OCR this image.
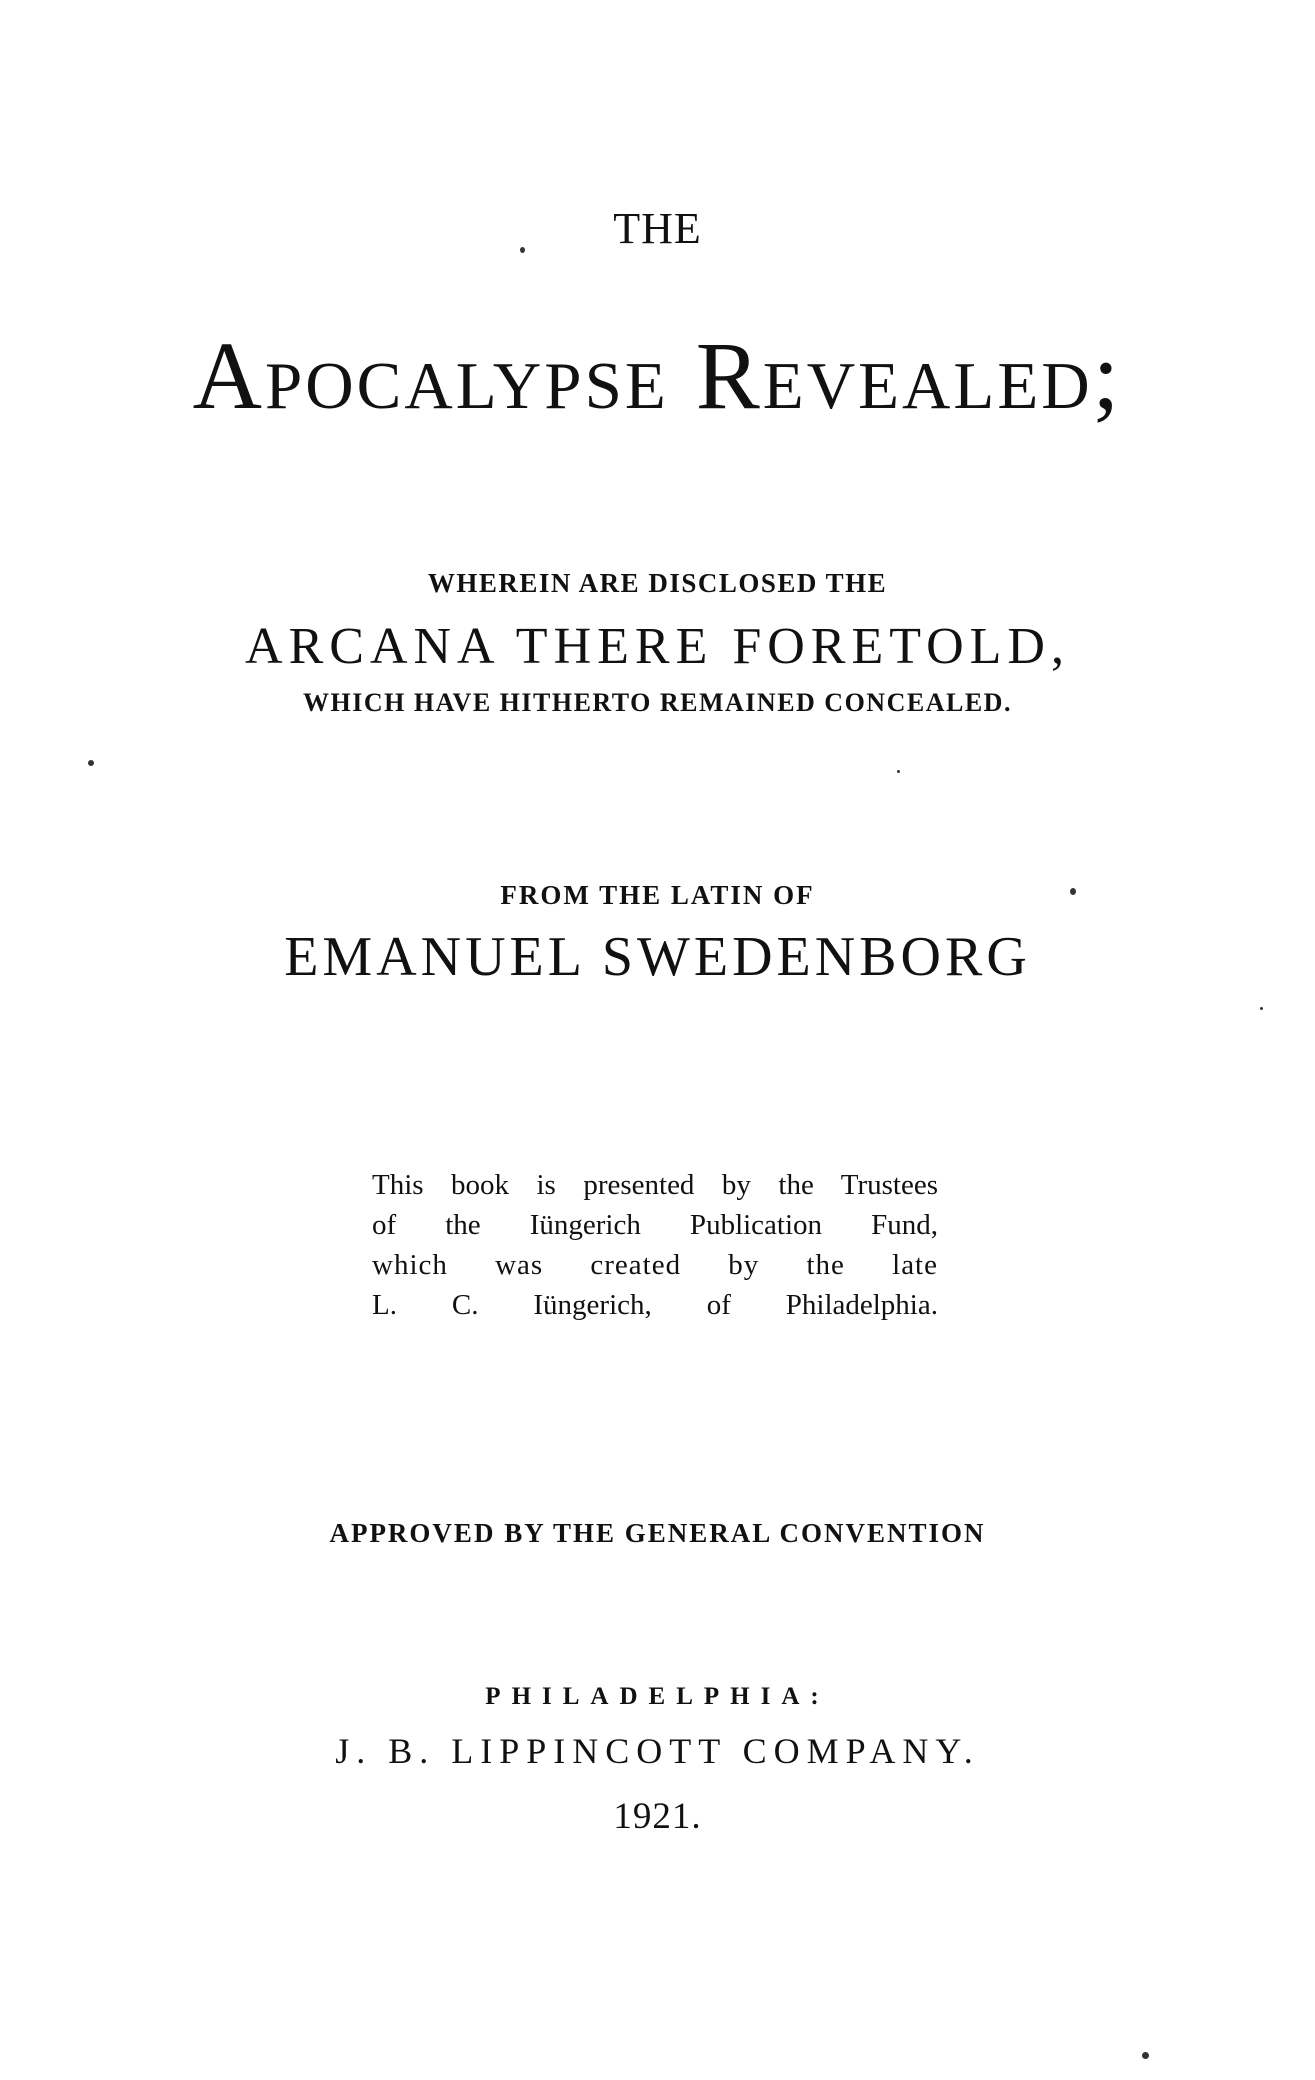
THE

Apocalypse Revealed;

WHEREIN ARE DISCLOSED THE

ARCANA THERE FORETOLD,

WHICH HAVE HITHERTO REMAINED CONCEALED.

FROM THE LATIN OF

EMANUEL SWEDENBORG

This book is presented by the Trustees
of the Iüngerich Publication Fund,
which was created by the late
L. C. Iüngerich, of Philadelphia.

APPROVED BY THE GENERAL CONVENTION

PHILADELPHIA:

J. B. LIPPINCOTT COMPANY.

1921.
